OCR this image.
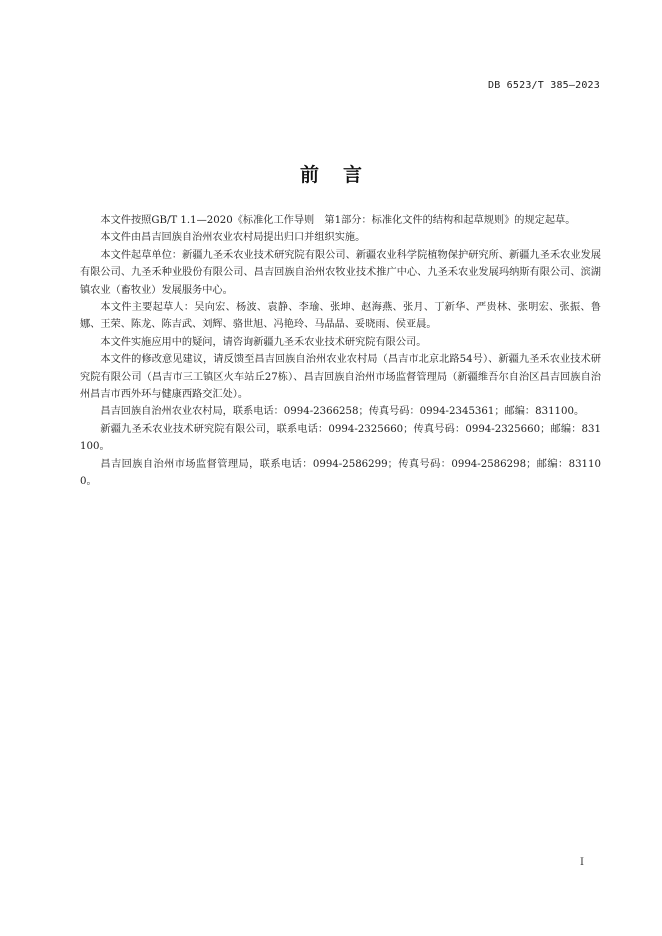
DB 6523/T 385—2023
前言

本文件按照GB/T 1.1—2020《标准化工作导则　第1部分：标准化文件的结构和起草规则》的规定起草。

本文件由昌吉回族自治州农业农村局提出归口并组织实施。

本文件起草单位：新疆九圣禾农业技术研究院有限公司、新疆农业科学院植物保护研究所、新疆九圣禾农业发展有限公司、九圣禾种业股份有限公司、昌吉回族自治州农牧业技术推广中心、九圣禾农业发展玛纳斯有限公司、滨湖镇农业（畜牧业）发展服务中心。

本文件主要起草人：吴向宏、杨波、袁静、李瑜、张坤、赵海燕、张月、丁新华、严贵林、张明宏、张振、鲁娜、王荣、陈龙、陈吉武、刘辉、骆世旭、冯艳玲、马晶晶、妥晓雨、侯亚晨。

本文件实施应用中的疑问，请咨询新疆九圣禾农业技术研究院有限公司。

本文件的修改意见建议，请反馈至昌吉回族自治州农业农村局（昌吉市北京北路54号）、新疆九圣禾农业技术研究院有限公司（昌吉市三工镇区火车站丘27栋）、昌吉回族自治州市场监督管理局（新疆维吾尔自治区昌吉回族自治州昌吉市西外环与健康西路交汇处）。

昌吉回族自治州农业农村局，联系电话：0994-2366258；传真号码：0994-2345361；邮编：831100。

新疆九圣禾农业技术研究院有限公司，联系电话：0994-2325660；传真号码：0994-2325660；邮编：831100。

昌吉回族自治州市场监督管理局，联系电话：0994-2586299；传真号码：0994-2586298；邮编：831100。

I
